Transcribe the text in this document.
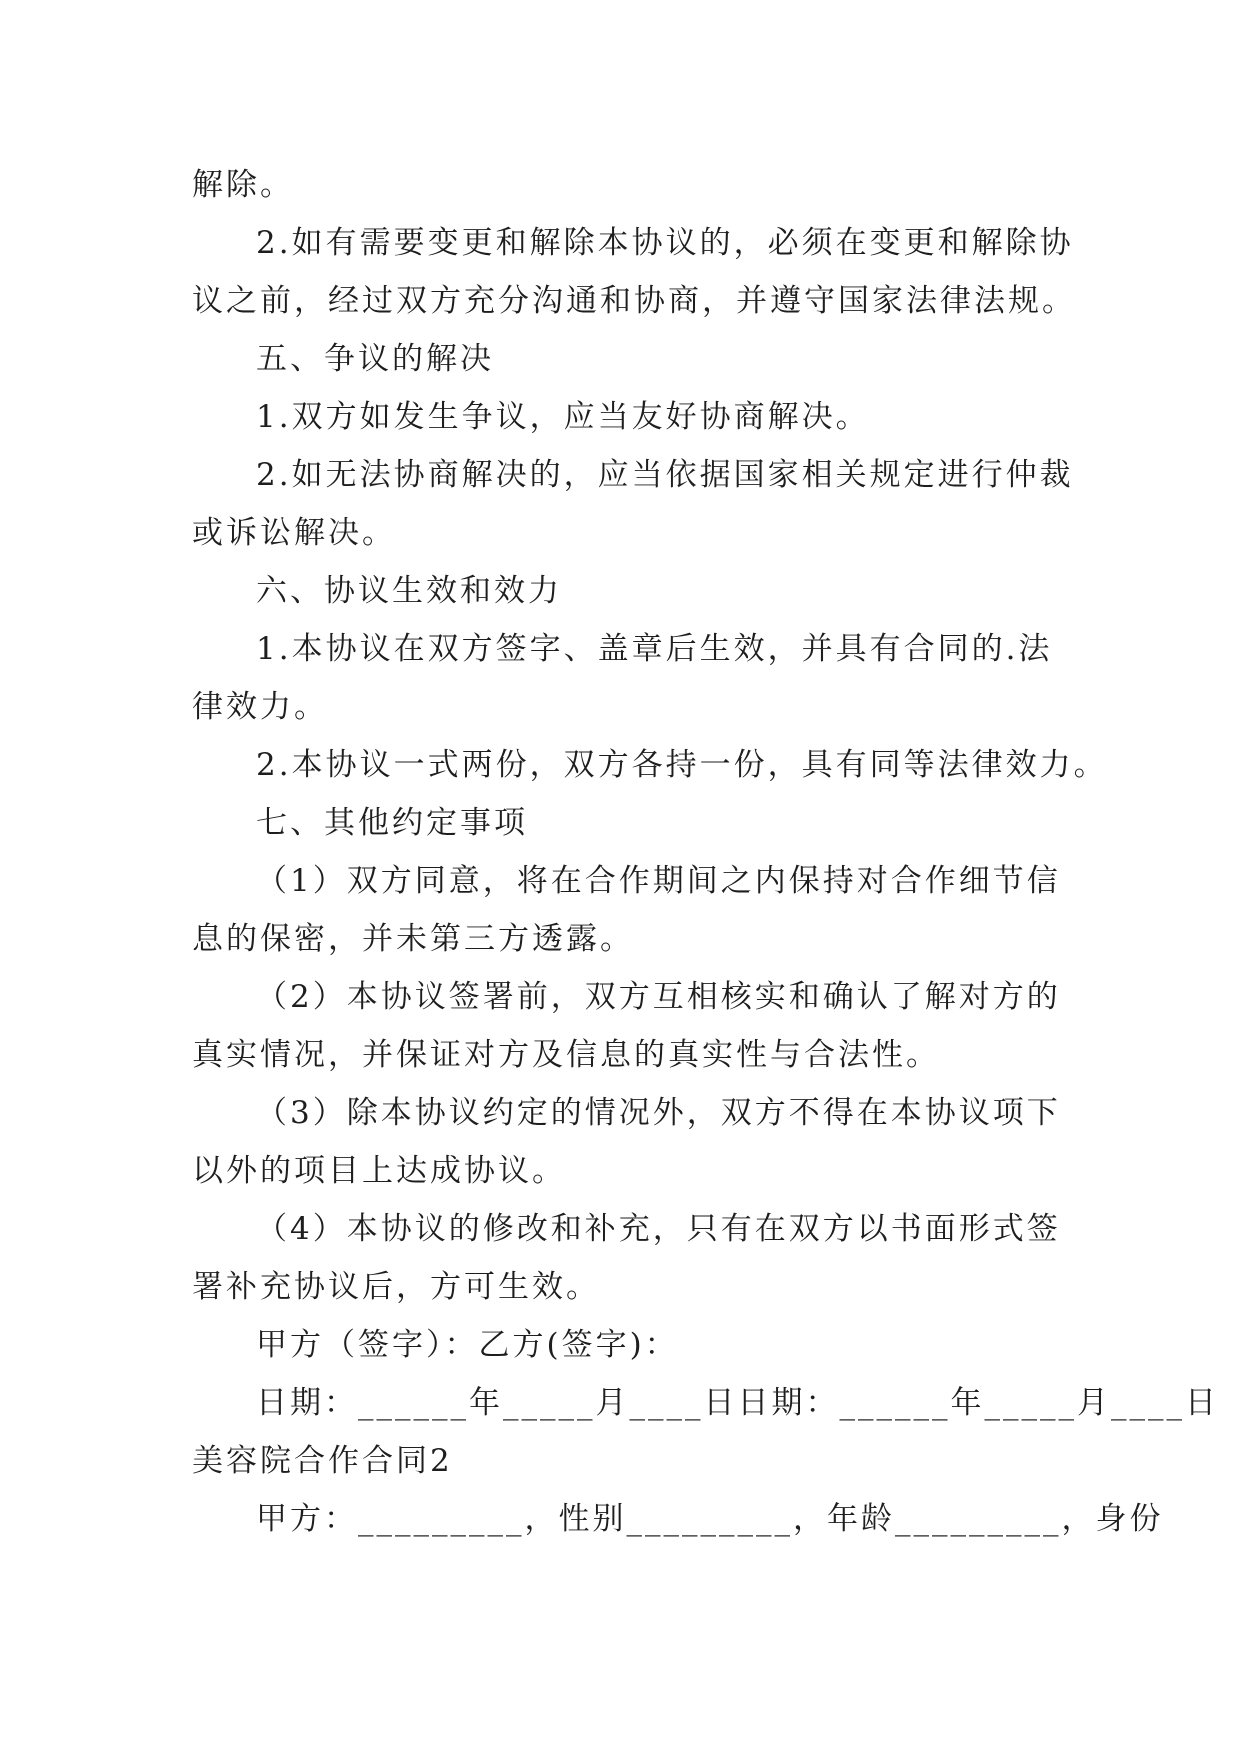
解除。
2.如有需要变更和解除本协议的，必须在变更和解除协
议之前，经过双方充分沟通和协商，并遵守国家法律法规。
五、争议的解决
1.双方如发生争议，应当友好协商解决。
2.如无法协商解决的，应当依据国家相关规定进行仲裁
或诉讼解决。
六、协议生效和效力
1.本协议在双方签字、盖章后生效，并具有合同的.法
律效力。
2.本协议一式两份，双方各持一份，具有同等法律效力。
七、其他约定事项
（1）双方同意，将在合作期间之内保持对合作细节信
息的保密，并未第三方透露。
（2）本协议签署前，双方互相核实和确认了解对方的
真实情况，并保证对方及信息的真实性与合法性。
（3）除本协议约定的情况外，双方不得在本协议项下
以外的项目上达成协议。
（4）本协议的修改和补充，只有在双方以书面形式签
署补充协议后，方可生效。
甲方（签字）：乙方(签字)：
日期：______年_____月____日日期：______年_____月____日
美容院合作合同2
甲方：_________，性别_________，年龄_________，身份
